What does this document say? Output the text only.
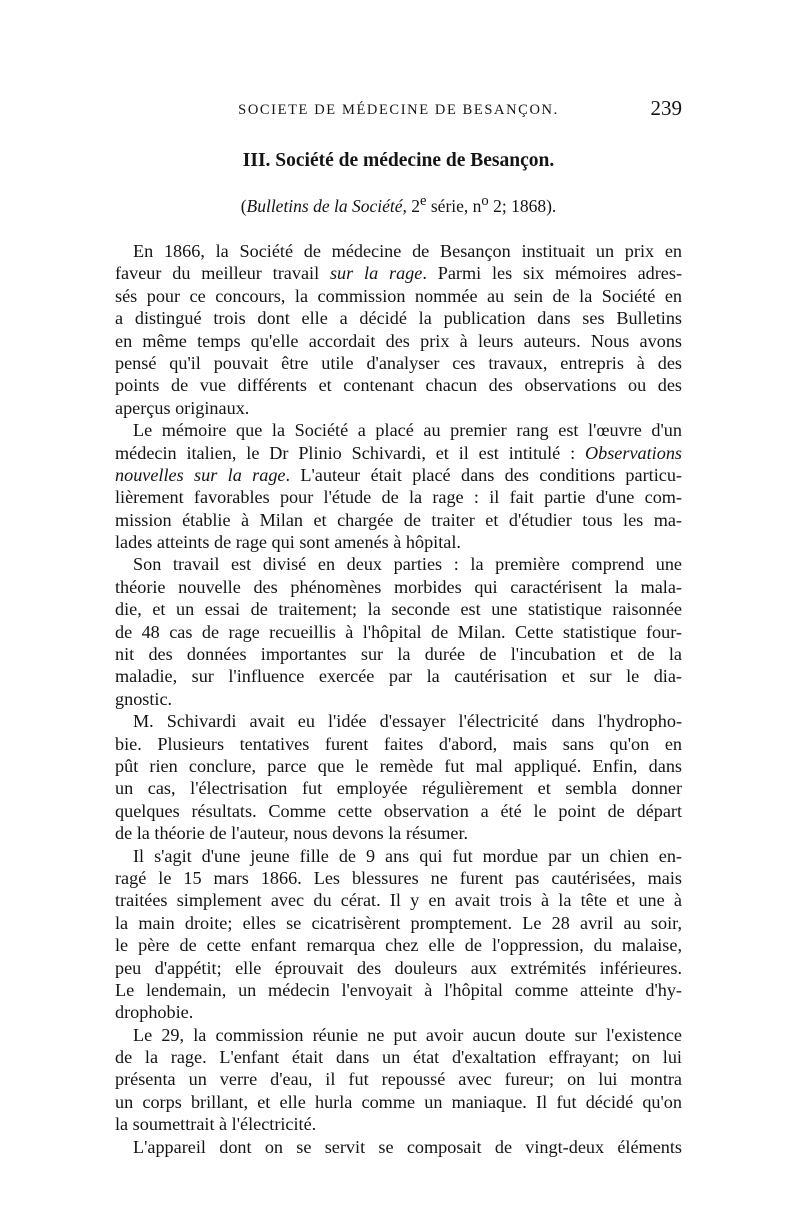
SOCIETE DE MÉDECINE DE BESANÇON.	239
III. Société de médecine de Besançon.
(Bulletins de la Société, 2e série, $n^o$ 2; 1868).
En 1866, la Société de médecine de Besançon instituait un prix en
faveur du meilleur travail sur la rage. Parmi les six mémoires adres-
sés pour ce concours, la commission nommée au sein de la Société en
a distingué trois dont elle a décidé la publication dans ses Bulletins
en même temps qu'elle accordait des prix à leurs auteurs. Nous avons
pensé qu'il pouvait être utile d'analyser ces travaux, entrepris à des
points de vue différents et contenant chacun des observations ou des
aperçus originaux.
Le mémoire que la Société a placé au premier rang est l'œuvre d'un
médecin italien, le Dr Plinio Schivardi, et il est intitulé : Observations
nouvelles sur la rage. L'auteur était placé dans des conditions particu-
lièrement favorables pour l'étude de la rage : il fait partie d'une com-
mission établie à Milan et chargée de traiter et d'étudier tous les ma-
lades atteints de rage qui sont amenés à hôpital.
Son travail est divisé en deux parties : la première comprend une
théorie nouvelle des phénomènes morbides qui caractérisent la mala-
die, et un essai de traitement; la seconde est une statistique raisonnée
de 48 cas de rage recueillis à l'hôpital de Milan. Cette statistique four-
nit des données importantes sur la durée de l'incubation et de la
maladie, sur l'influence exercée par la cautérisation et sur le dia-
gnostic.
M. Schivardi avait eu l'idée d'essayer l'électricité dans l'hydropho-
bie. Plusieurs tentatives furent faites d'abord, mais sans qu'on en
pût rien conclure, parce que le remède fut mal appliqué. Enfin, dans
un cas, l'électrisation fut employée régulièrement et sembla donner
quelques résultats. Comme cette observation a été le point de départ
de la théorie de l'auteur, nous devons la résumer.
Il s'agit d'une jeune fille de 9 ans qui fut mordue par un chien en-
ragé le 15 mars 1866. Les blessures ne furent pas cautérisées, mais
traitées simplement avec du cérat. Il y en avait trois à la tête et une à
la main droite; elles se cicatrisèrent promptement. Le 28 avril au soir,
le père de cette enfant remarqua chez elle de l'oppression, du malaise,
peu d'appétit; elle éprouvait des douleurs aux extrémités inférieures.
Le lendemain, un médecin l'envoyait à l'hôpital comme atteinte d'hy-
drophobie.
Le 29, la commission réunie ne put avoir aucun doute sur l'existence
de la rage. L'enfant était dans un état d'exaltation effrayant; on lui
présenta un verre d'eau, il fut repoussé avec fureur; on lui montra
un corps brillant, et elle hurla comme un maniaque. Il fut décidé qu'on
la soumettrait à l'électricité.
L'appareil dont on se servit se composait de vingt-deux éléments
